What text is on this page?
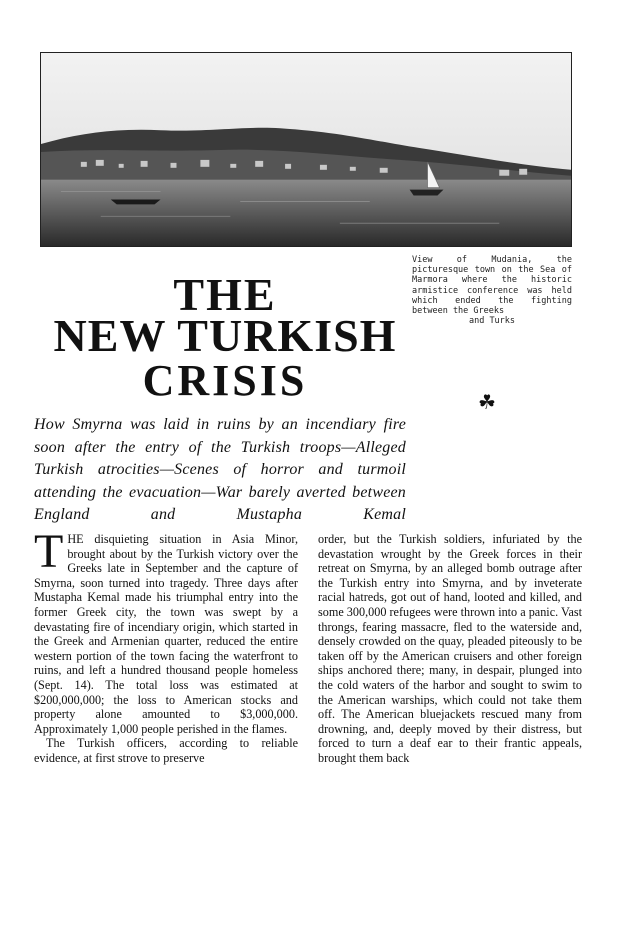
View of Mudania, the picturesque town on the Sea of Marmora where the historic armistice conference was held which ended the fighting between the Greeks
and Turks
THE
NEW TURKISH
CRISIS	☘
How Smyrna was laid in ruins by an incendiary fire soon after the entry of the Turkish troops—Alleged Turkish atrocities—Scenes of horror and turmoil attending the evacuation—War barely averted between England and Mustapha Kemal

THE disquieting situation in Asia Minor, brought about by the Turkish victory over the Greeks late in September and the capture of Smyrna, soon turned into tragedy. Three days after Mustapha Kemal made his triumphal entry into the former Greek city, the town was swept by a devastating fire of incendiary origin, which started in the Greek and Armenian quarter, reduced the entire western portion of the town facing the waterfront to ruins, and left a hundred thousand people homeless (Sept. 14). The total loss was estimated at $200,000,000; the loss to American stocks and property alone amounted to $3,000,000. Approximately 1,000 people perished in the flames.

The Turkish officers, according to reliable evidence, at first strove to preserve

order, but the Turkish soldiers, infuriated by the devastation wrought by the Greek forces in their retreat on Smyrna, by an alleged bomb outrage after the Turkish entry into Smyrna, and by inveterate racial hatreds, got out of hand, looted and killed, and some 300,000 refugees were thrown into a panic. Vast throngs, fearing massacre, fled to the waterside and, densely crowded on the quay, pleaded piteously to be taken off by the American cruisers and other foreign ships anchored there; many, in despair, plunged into the cold waters of the harbor and sought to swim to the American warships, which could not take them off. The American bluejackets rescued many from drowning, and, deeply moved by their distress, but forced to turn a deaf ear to their frantic appeals, brought them back
